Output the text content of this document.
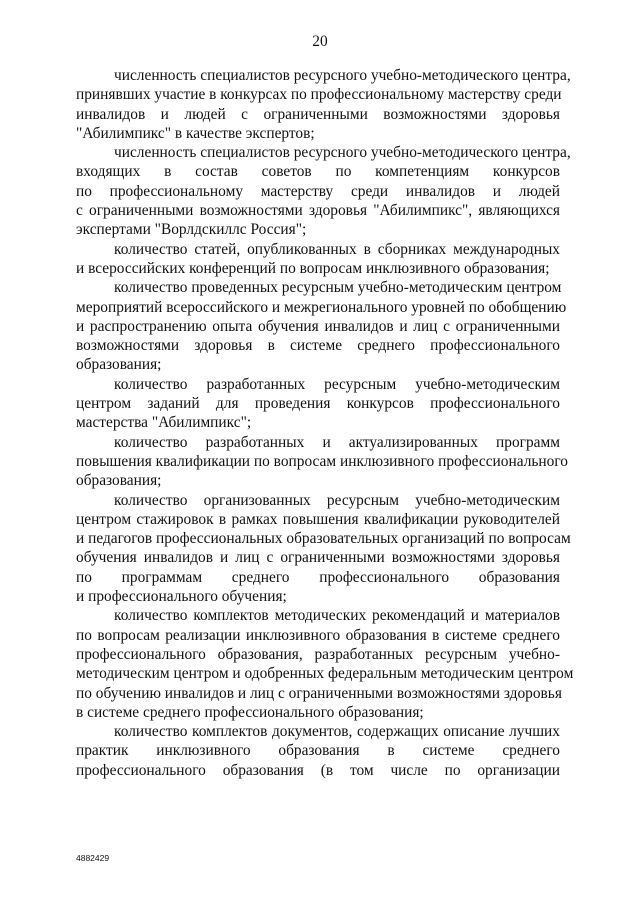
20
численность специалистов ресурсного учебно-методического центра,
принявших участие в конкурсах по профессиональному мастерству среди
инвалидов и людей с ограниченными возможностями здоровья
"Абилимпикс" в качестве экспертов;
численность специалистов ресурсного учебно-методического центра,
входящих в состав советов по компетенциям конкурсов
по профессиональному мастерству среди инвалидов и людей
с ограниченными возможностями здоровья "Абилимпикс", являющихся
экспертами "Ворлдскиллс Россия";
количество статей, опубликованных в сборниках международных
и всероссийских конференций по вопросам инклюзивного образования;
количество проведенных ресурсным учебно-методическим центром
мероприятий всероссийского и межрегионального уровней по обобщению
и распространению опыта обучения инвалидов и лиц с ограниченными
возможностями здоровья в системе среднего профессионального
образования;
количество разработанных ресурсным учебно-методическим
центром заданий для проведения конкурсов профессионального
мастерства "Абилимпикс";
количество разработанных и актуализированных программ
повышения квалификации по вопросам инклюзивного профессионального
образования;
количество организованных ресурсным учебно-методическим
центром стажировок в рамках повышения квалификации руководителей
и педагогов профессиональных образовательных организаций по вопросам
обучения инвалидов и лиц с ограниченными возможностями здоровья
по программам среднего профессионального образования
и профессионального обучения;
количество комплектов методических рекомендаций и материалов
по вопросам реализации инклюзивного образования в системе среднего
профессионального образования, разработанных ресурсным учебно-
методическим центром и одобренных федеральным методическим центром
по обучению инвалидов и лиц с ограниченными возможностями здоровья
в системе среднего профессионального образования;
количество комплектов документов, содержащих описание лучших
практик инклюзивного образования в системе среднего
профессионального образования (в том числе по организации
4882429
